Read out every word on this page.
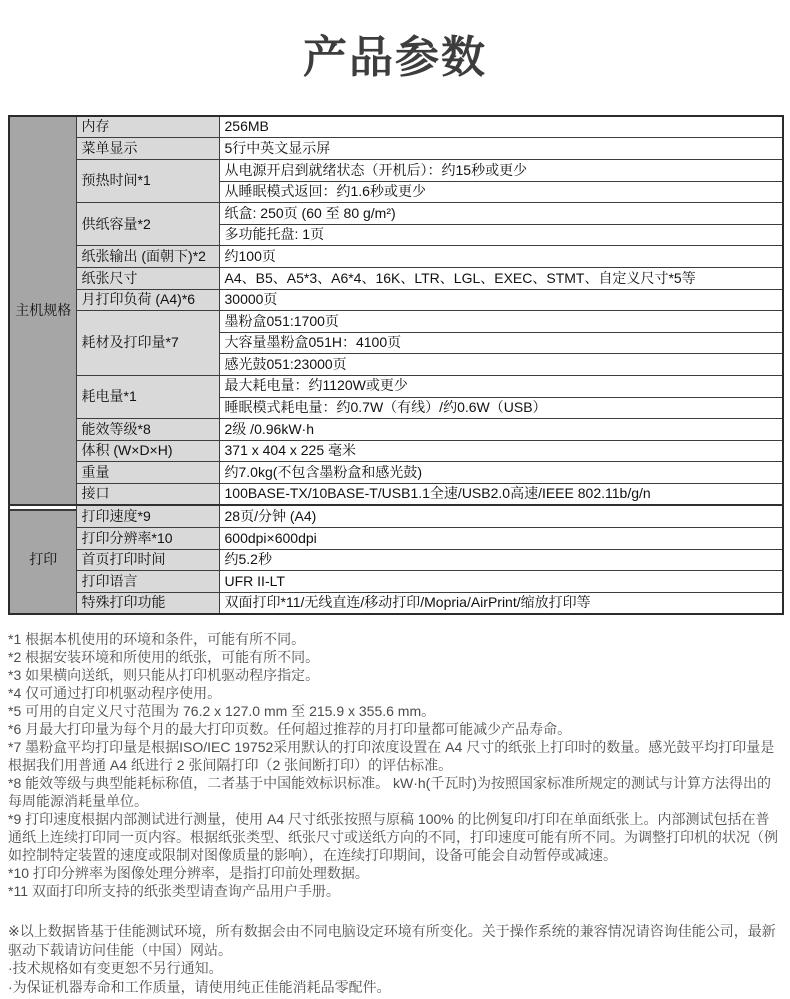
产品参数
主机规格	内存	256MB
	菜单显示	5行中英文显示屏
	预热时间*1	从电源开启到就绪状态（开机后）：约15秒或更少
		从睡眠模式返回：约1.6秒或更少
	供纸容量*2	纸盒: 250页 (60 至 80 g/m²)
		多功能托盘: 1页
	纸张输出 (面朝下)*2	约100页
	纸张尺寸	A4、B5、A5*3、A6*4、16K、LTR、LGL、EXEC、STMT、自定义尺寸*5等
	月打印负荷 (A4)*6	30000页
	耗材及打印量*7	墨粉盒051:1700页
		大容量墨粉盒051H：4100页
		感光鼓051:23000页
	耗电量*1	最大耗电量：约1120W或更少
		睡眠模式耗电量：约0.7W（有线）/约0.6W（USB）
	能效等级*8	2级 /0.96kW·h
	体积 (W×D×H)	371 x 404 x 225 毫米
	重量	约7.0kg(不包含墨粉盒和感光鼓)
	接口	100BASE-TX/10BASE-T/USB1.1全速/USB2.0高速/IEEE 802.11b/g/n
打印	打印速度*9	28页/分钟 (A4)
	打印分辨率*10	600dpi×600dpi
	首页打印时间	约5.2秒
	打印语言	UFR II-LT
	特殊打印功能	双面打印*11/无线直连/移动打印/Mopria/AirPrint/缩放打印等
*1 根据本机使用的环境和条件，可能有所不同。
*2 根据安装环境和所使用的纸张，可能有所不同。
*3 如果横向送纸，则只能从打印机驱动程序指定。
*4 仅可通过打印机驱动程序使用。
*5 可用的自定义尺寸范围为 76.2 x 127.0 mm 至 215.9 x 355.6 mm。
*6 月最大打印量为每个月的最大打印页数。任何超过推荐的月打印量都可能减少产品寿命。
*7 墨粉盒平均打印量是根据ISO/IEC 19752采用默认的打印浓度设置在 A4 尺寸的纸张上打印时的数量。感光鼓平均打印量是根据我们用普通 A4 纸进行 2 张间隔打印（2 张间断打印）的评估标准。
*8 能效等级与典型能耗标称值，二者基于中国能效标识标准。 kW·h(千瓦时)为按照国家标准所规定的测试与计算方法得出的每周能源消耗量单位。
*9 打印速度根据内部测试进行测量，使用 A4 尺寸纸张按照与原稿 100% 的比例复印/打印在单面纸张上。内部测试包括在普通纸上连续打印同一页内容。根据纸张类型、纸张尺寸或送纸方向的不同，打印速度可能有所不同。为调整打印机的状况（例如控制特定装置的速度或限制对图像质量的影响），在连续打印期间，设备可能会自动暂停或减速。
*10 打印分辨率为图像处理分辨率，是指打印前处理数据。
*11 双面打印所支持的纸张类型请查询产品用户手册。
※以上数据皆基于佳能测试环境，所有数据会由不同电脑设定环境有所变化。关于操作系统的兼容情况请咨询佳能公司，最新驱动下载请访问佳能（中国）网站。
·技术规格如有变更恕不另行通知。
·为保证机器寿命和工作质量，请使用纯正佳能消耗品零配件。
